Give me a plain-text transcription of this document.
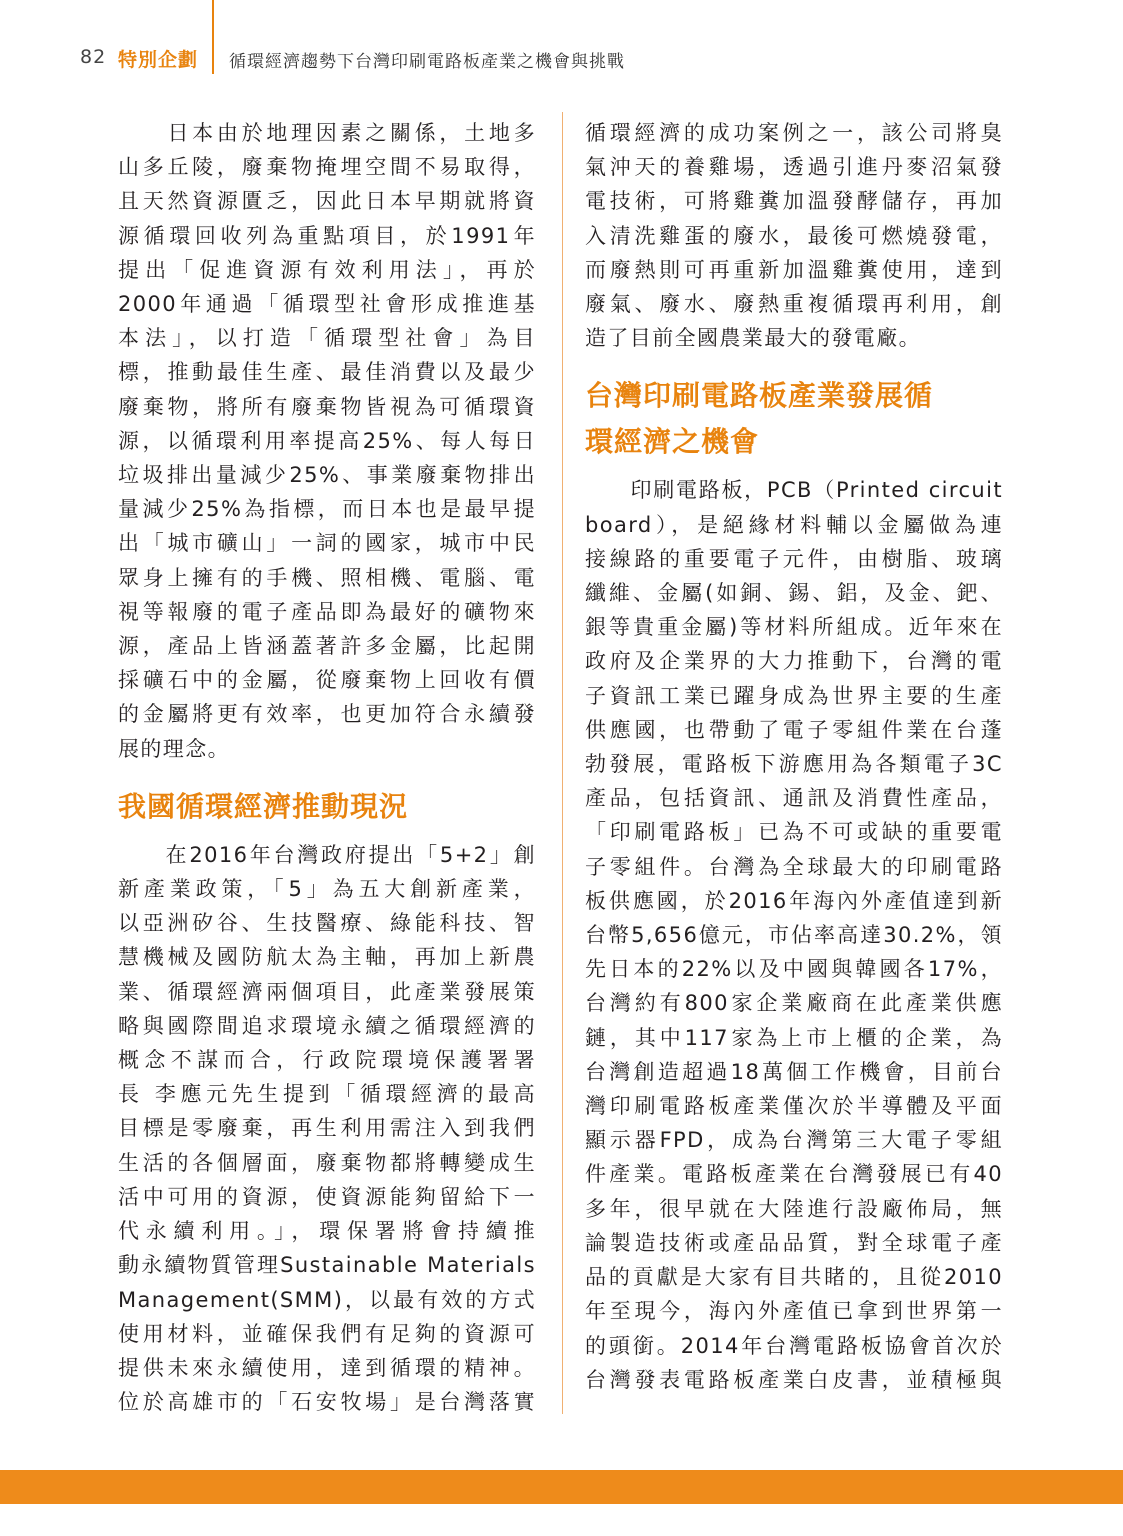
82 特別企劃 循環經濟趨勢下台灣印刷電路板產業之機會與挑戰

　　日本由於地理因素之關係，土地多

山多丘陵，廢棄物掩埋空間不易取得，

且天然資源匱乏，因此日本早期就將資

源循環回收列為重點項目，於1991年

提出「促進資源有效利用法」，再於

2000年通過「循環型社會形成推進基

本法」，以打造「循環型社會」為目

標，推動最佳生產、最佳消費以及最少

廢棄物，將所有廢棄物皆視為可循環資

源，以循環利用率提高25%、每人每日

垃圾排出量減少25%、事業廢棄物排出

量減少25%為指標，而日本也是最早提

出「城市礦山」一詞的國家，城市中民

眾身上擁有的手機、照相機、電腦、電

視等報廢的電子產品即為最好的礦物來

源，產品上皆涵蓋著許多金屬，比起開

採礦石中的金屬，從廢棄物上回收有價

的金屬將更有效率，也更加符合永續發

展的理念。

我國循環經濟推動現況

　　在2016年台灣政府提出「5+2」創

新產業政策，「5」為五大創新產業，

以亞洲矽谷、生技醫療、綠能科技、智

慧機械及國防航太為主軸，再加上新農

業、循環經濟兩個項目，此產業發展策

略與國際間追求環境永續之循環經濟的

概念不謀而合，行政院環境保護署署

長 李應元先生提到「循環經濟的最高

目標是零廢棄，再生利用需注入到我們

生活的各個層面，廢棄物都將轉變成生

活中可用的資源，使資源能夠留給下一

代永續利用。」，環保署將會持續推

動永續物質管理Sustainable Materials

Management(SMM)，以最有效的方式

使用材料，並確保我們有足夠的資源可

提供未來永續使用，達到循環的精神。

位於高雄市的「石安牧場」是台灣落實

循環經濟的成功案例之一，該公司將臭

氣沖天的養雞場，透過引進丹麥沼氣發

電技術，可將雞糞加溫發酵儲存，再加

入清洗雞蛋的廢水，最後可燃燒發電，

而廢熱則可再重新加溫雞糞使用，達到

廢氣、廢水、廢熱重複循環再利用，創

造了目前全國農業最大的發電廠。

台灣印刷電路板產業發展循
環經濟之機會

　　印刷電路板，PCB（Printed circuit

board），是絕緣材料輔以金屬做為連

接線路的重要電子元件，由樹脂、玻璃

纖維、金屬(如銅、錫、鋁，及金、鈀、

銀等貴重金屬)等材料所組成。近年來在

政府及企業界的大力推動下，台灣的電

子資訊工業已躍身成為世界主要的生產

供應國，也帶動了電子零組件業在台蓬

勃發展，電路板下游應用為各類電子3C

產品，包括資訊、通訊及消費性產品，

「印刷電路板」已為不可或缺的重要電

子零組件。台灣為全球最大的印刷電路

板供應國，於2016年海內外產值達到新

台幣5,656億元，市佔率高達30.2%，領

先日本的22%以及中國與韓國各17%，

台灣約有800家企業廠商在此產業供應

鏈，其中117家為上市上櫃的企業，為

台灣創造超過18萬個工作機會，目前台

灣印刷電路板產業僅次於半導體及平面

顯示器FPD，成為台灣第三大電子零組

件產業。電路板產業在台灣發展已有40

多年，很早就在大陸進行設廠佈局，無

論製造技術或產品品質，對全球電子產

品的貢獻是大家有目共睹的，且從2010

年至現今，海內外產值已拿到世界第一

的頭銜。2014年台灣電路板協會首次於

台灣發表電路板產業白皮書，並積極與
